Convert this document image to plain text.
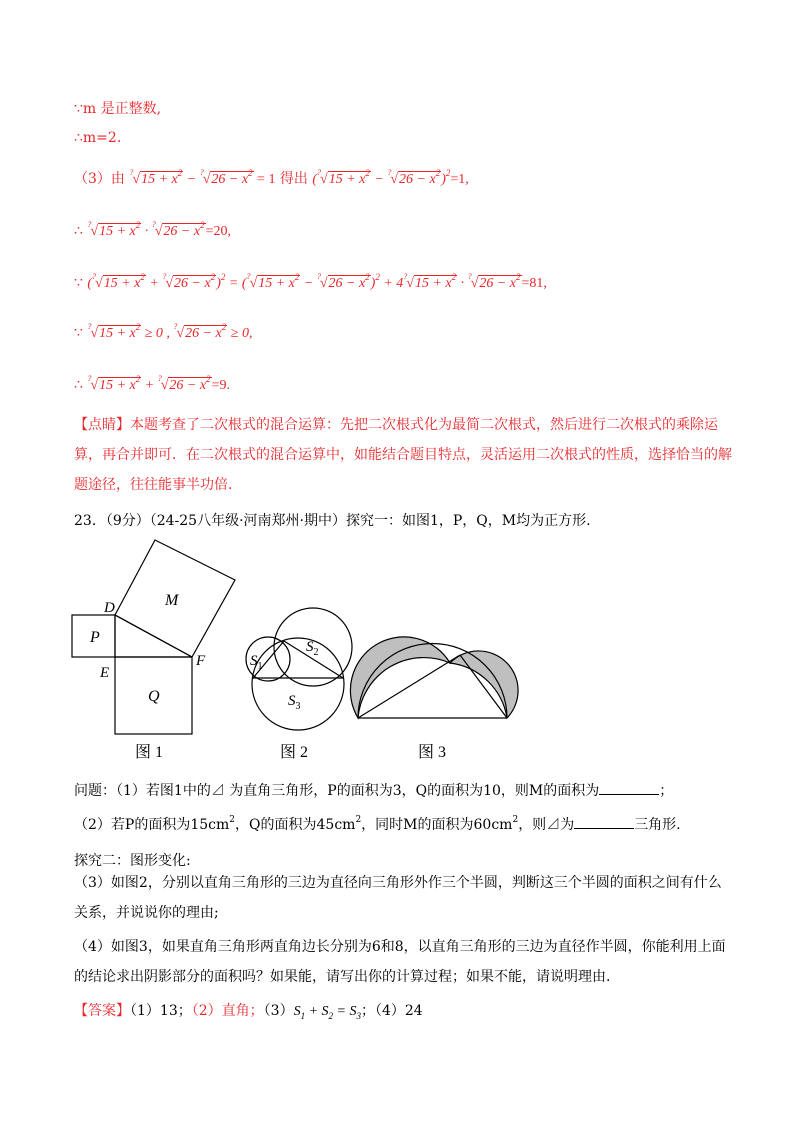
∵m 是正整数,
∴m=2.
（3）由 $^?√15 + x^2 - ^?√26 - x^2 = 1$ 得出 $(^?√15 + x^2 - ^?√26 - x^2)^2=1$,
∴ $^?√15 + x^2 \cdot ^?√26 - x^2=20$,
∵ $(^?√15 + x^2 + ^?√26 - x^2)^2 = (^?√15 + x^2 - ^?√26 - x^2)^2 + 4^?√15 + x^2 \cdot ^?√26 - x^2=81$,
∵ $^?√15 + x^2 \ge 0$ , $^?√26 - x^2 \ge 0$,
∴ $^?√15 + x^2 + ^?√26 - x^2=9$.
【点睛】本题考查了二次根式的混合运算：先把二次根式化为最简二次根式，然后进行二次根式的乘除运算，再合并即可．在二次根式的混合运算中，如能结合题目特点，灵活运用二次根式的性质，选择恰当的解题途径，往往能事半功倍.
23．（9分）（24-25八年级·河南郑州·期中）探究一：如图1，P，Q，M均为正方形.
M
P
Q
D
E
F
图 1
$S_1$
$S_2$
$S_3$
图 2	图 3
问题：（1）若图1中的⊿ 为直角三角形，P的面积为3，Q的面积为10，则M的面积为	；
（2）若P的面积为$15cm^2$，Q的面积为$45cm^2$，同时M的面积为$60cm^2$，则⊿为	三角形.
探究二：图形变化:
（3）如图2，分别以直角三角形的三边为直径向三角形外作三个半圆，判断这三个半圆的面积之间有什么关系，并说说你的理由;
（4）如图3，如果直角三角形两直角边长分别为6和8，以直角三角形的三边为直径作半圆，你能利用上面的结论求出阴影部分的面积吗？如果能，请写出你的计算过程；如果不能，请说明理由.
【答案】（1）13；（2）直角；$(3)S_1 + S_2 = S_3$；（4）24
